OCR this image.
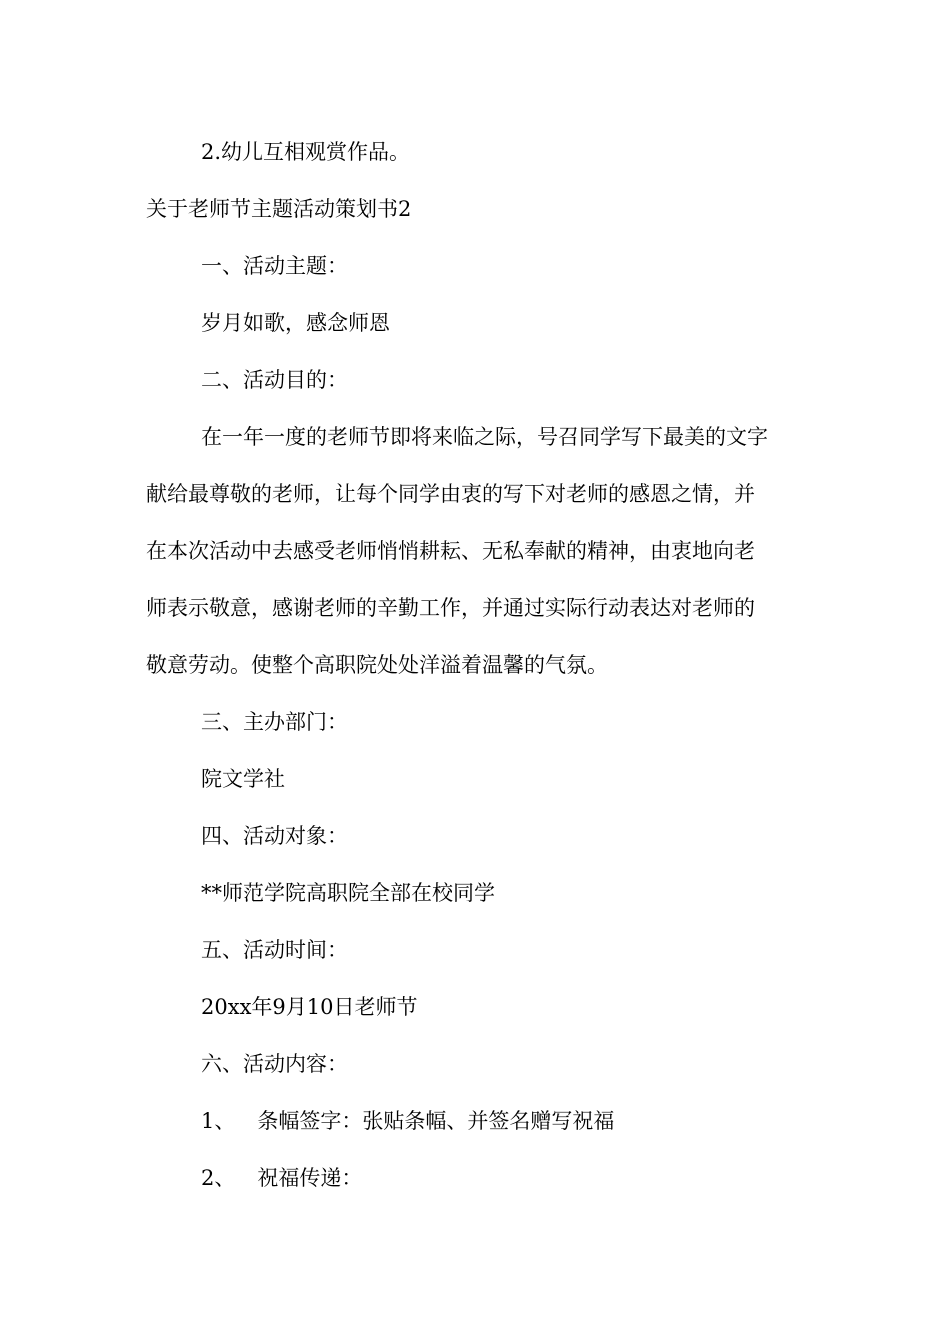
2.幼儿互相观赏作品。
关于老师节主题活动策划书2
一、活动主题：
岁月如歌，感念师恩
二、活动目的：
在一年一度的老师节即将来临之际，号召同学写下最美的文字
献给最尊敬的老师，让每个同学由衷的写下对老师的感恩之情，并
在本次活动中去感受老师悄悄耕耘、无私奉献的精神，由衷地向老
师表示敬意，感谢老师的辛勤工作，并通过实际行动表达对老师的
敬意劳动。使整个高职院处处洋溢着温馨的气氛。
三、主办部门：
院文学社
四、活动对象：
**师范学院高职院全部在校同学
五、活动时间：
20xx年9月10日老师节
六、活动内容：
1、 条幅签字：张贴条幅、并签名赠写祝福
2、 祝福传递：
